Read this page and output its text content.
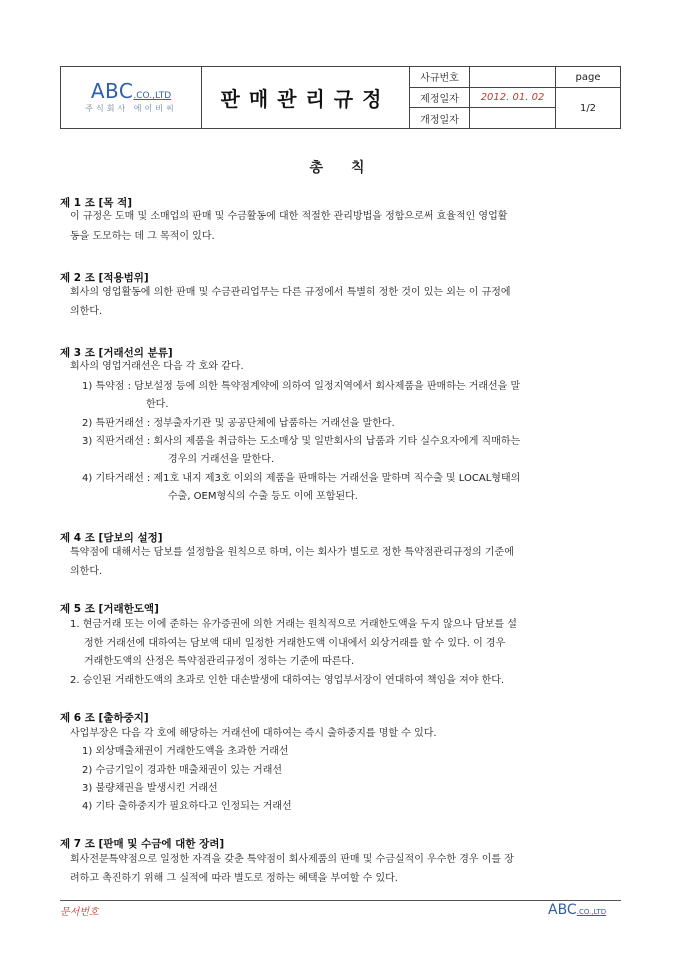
ABC.CO.,LTD
주식회사 에이비씨	판매관리규정
사규번호
제정일자	2012. 01. 02
개정일자
page
1/2
총칙
제 1 조 [목 적]
이 규정은 도매 및 소매업의 판매 및 수금활동에 대한 적절한 관리방법을 정함으로써 효율적인 영업활
동을 도모하는 데 그 목적이 있다.
제 2 조 [적용범위]
회사의 영업활동에 의한 판매 및 수금관리업무는 다른 규정에서 특별히 정한 것이 있는 외는 이 규정에
의한다.
제 3 조 [거래선의 분류]
회사의 영업거래선은 다음 각 호와 같다.
1) 특약점 : 담보설정 등에 의한 특약점계약에 의하여 일정지역에서 회사제품을 판매하는 거래선을 말
한다.
2) 특판거래선 : 정부출자기관 및 공공단체에 납품하는 거래선을 말한다.
3) 직판거래선 : 회사의 제품을 취급하는 도소매상 및 일반회사의 납품과 기타 실수요자에게 직매하는
경우의 거래선을 말한다.
4) 기타거래선 : 제1호 내지 제3호 이외의 제품을 판매하는 거래선을 말하며 직수출 및 LOCAL형태의
수출, OEM형식의 수출 등도 이에 포함된다.
제 4 조 [담보의 설정]
특약점에 대해서는 담보를 설정함을 원칙으로 하며, 이는 회사가 별도로 정한 특약점관리규정의 기준에
의한다.
제 5 조 [거래한도액]
1. 현금거래 또는 이에 준하는 유가증권에 의한 거래는 원칙적으로 거래한도액을 두지 않으나 담보를 설
정한 거래선에 대하여는 담보액 대비 일정한 거래한도액 이내에서 외상거래를 할 수 있다. 이 경우
거래한도액의 산정은 특약점관리규정이 정하는 기준에 따른다.
2. 승인된 거래한도액의 초과로 인한 대손발생에 대하여는 영업부서장이 연대하여 책임을 져야 한다.
제 6 조 [출하중지]
사업부장은 다음 각 호에 해당하는 거래선에 대하여는 즉시 출하중지를 명할 수 있다.
1) 외상매출채권이 거래한도액을 초과한 거래선
2) 수금기일이 경과한 매출채권이 있는 거래선
3) 불량채권을 발생시킨 거래선
4) 기타 출하중지가 필요하다고 인정되는 거래선
제 7 조 [판매 및 수금에 대한 장려]
회사전문특약점으로 일정한 자격을 갖춘 특약점이 회사제품의 판매 및 수금실적이 우수한 경우 이를 장
려하고 촉진하기 위해 그 실적에 따라 별도로 정하는 혜택을 부여할 수 있다.
문서번호	ABC.CO.,LTD
